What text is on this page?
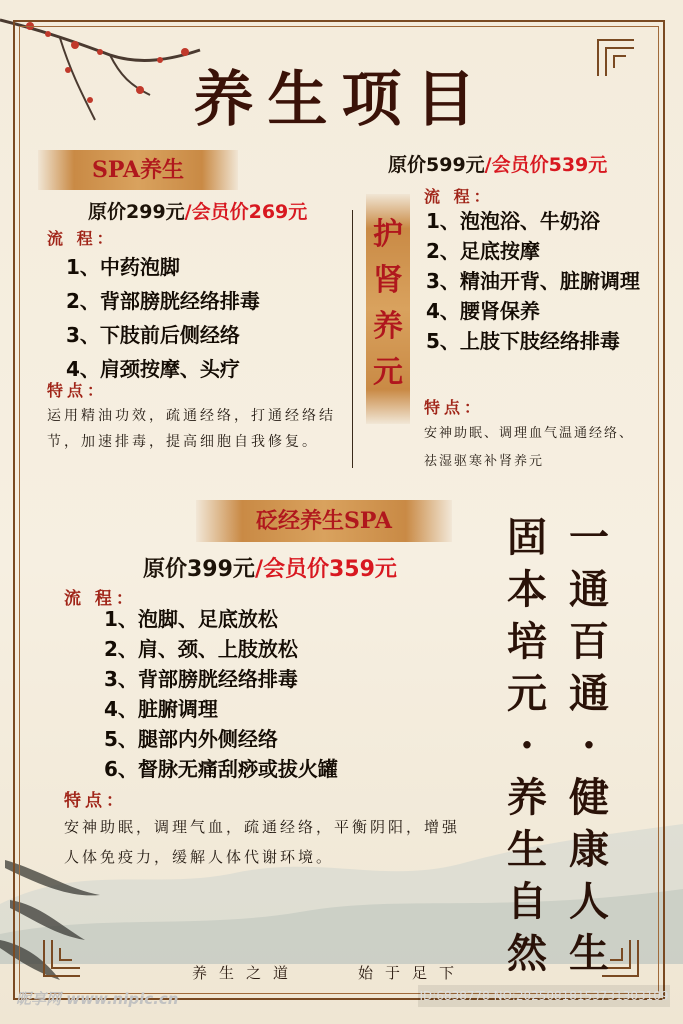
养生项目
SPA养生
原价299元/会员价269元
流 程：
1、中药泡脚
2、背部膀胱经络排毒
3、下肢前后侧经络
4、肩颈按摩、头疗
特点：
运用精油功效，疏通经络，打通经络结节，加速排毒，提高细胞自我修复。
原价599元/会员价539元
护
肾
养
元
流 程：
1、泡泡浴、牛奶浴
2、足底按摩
3、精油开背、脏腑调理
4、腰肾保养
5、上肢下肢经络排毒
特点：
安神助眠、调理血气温通经络、祛湿驱寒补肾养元
砭经养生SPA
原价399元/会员价359元
流 程：
1、泡脚、足底放松
2、肩、颈、上肢放松
3、背部膀胱经络排毒
4、脏腑调理
5、腿部内外侧经络
6、督脉无痛刮痧或拔火罐
特点：
安神助眠，调理气血，疏通经络，平衡阴阳，增强人体免疫力，缓解人体代谢环境。
固
本
培
元
·
养
生
自
然
一
通
百
通
·
健
康
人
生
养生之道	始于足下
昵享网 www.nipic.cn	ID:6838778 NO:20250818153731303109
